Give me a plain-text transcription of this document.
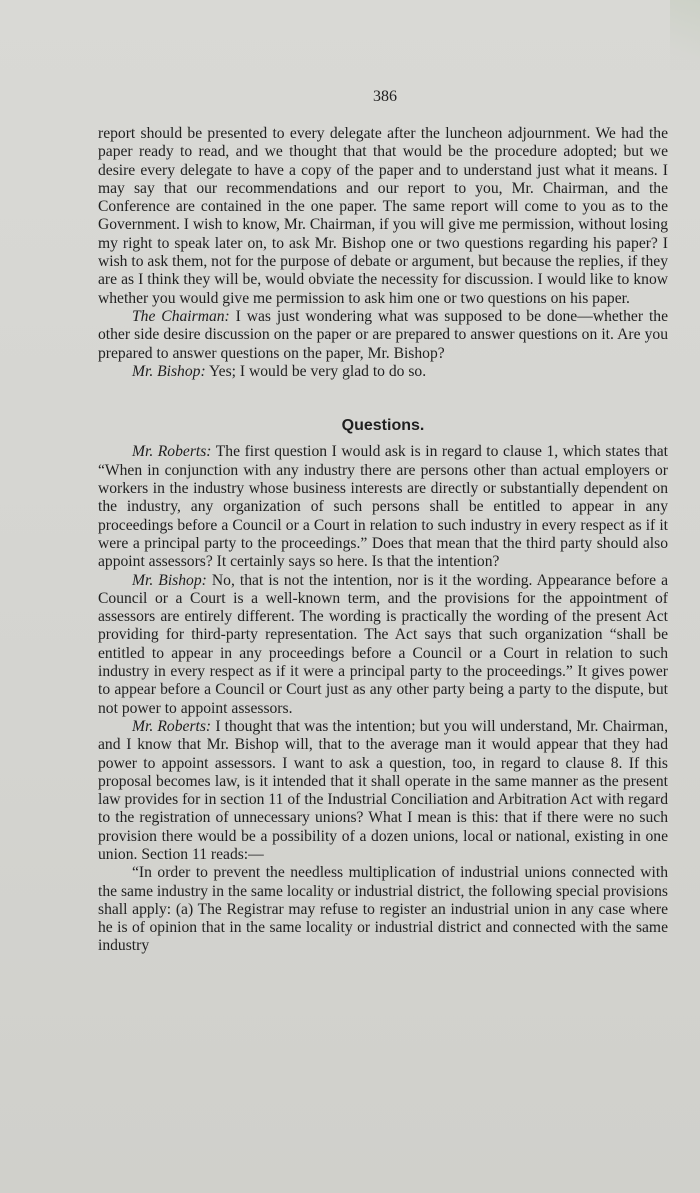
386

report should be presented to every delegate after the luncheon adjournment. We had the paper ready to read, and we thought that that would be the procedure adopted; but we desire every delegate to have a copy of the paper and to understand just what it means. I may say that our recommendations and our report to you, Mr. Chairman, and the Conference are contained in the one paper. The same report will come to you as to the Government. I wish to know, Mr. Chairman, if you will give me permission, without losing my right to speak later on, to ask Mr. Bishop one or two questions regarding his paper? I wish to ask them, not for the purpose of debate or argument, but because the replies, if they are as I think they will be, would obviate the necessity for discussion. I would like to know whether you would give me permission to ask him one or two questions on his paper.

The Chairman: I was just wondering what was supposed to be done—whether the other side desire discussion on the paper or are prepared to answer questions on it. Are you prepared to answer questions on the paper, Mr. Bishop?

Mr. Bishop: Yes; I would be very glad to do so.

Questions.

Mr. Roberts: The first question I would ask is in regard to clause 1, which states that “When in conjunction with any industry there are persons other than actual employers or workers in the industry whose business interests are directly or substantially dependent on the industry, any organization of such persons shall be entitled to appear in any proceedings before a Council or a Court in relation to such industry in every respect as if it were a principal party to the proceedings.” Does that mean that the third party should also appoint assessors? It certainly says so here. Is that the intention?

Mr. Bishop: No, that is not the intention, nor is it the wording. Appearance before a Council or a Court is a well-known term, and the provisions for the appointment of assessors are entirely different. The wording is practically the wording of the present Act providing for third-party representation. The Act says that such organization “shall be entitled to appear in any proceedings before a Council or a Court in relation to such industry in every respect as if it were a principal party to the proceedings.” It gives power to appear before a Council or Court just as any other party being a party to the dispute, but not power to appoint assessors.

Mr. Roberts: I thought that was the intention; but you will understand, Mr. Chairman, and I know that Mr. Bishop will, that to the average man it would appear that they had power to appoint assessors. I want to ask a question, too, in regard to clause 8. If this proposal becomes law, is it intended that it shall operate in the same manner as the present law provides for in section 11 of the Industrial Conciliation and Arbitration Act with regard to the registration of unnecessary unions? What I mean is this: that if there were no such provision there would be a possibility of a dozen unions, local or national, existing in one union. Section 11 reads:—

“In order to prevent the needless multiplication of industrial unions connected with the same industry in the same locality or industrial district, the following special provisions shall apply: (a) The Registrar may refuse to register an industrial union in any case where he is of opinion that in the same locality or industrial district and connected with the same industry
